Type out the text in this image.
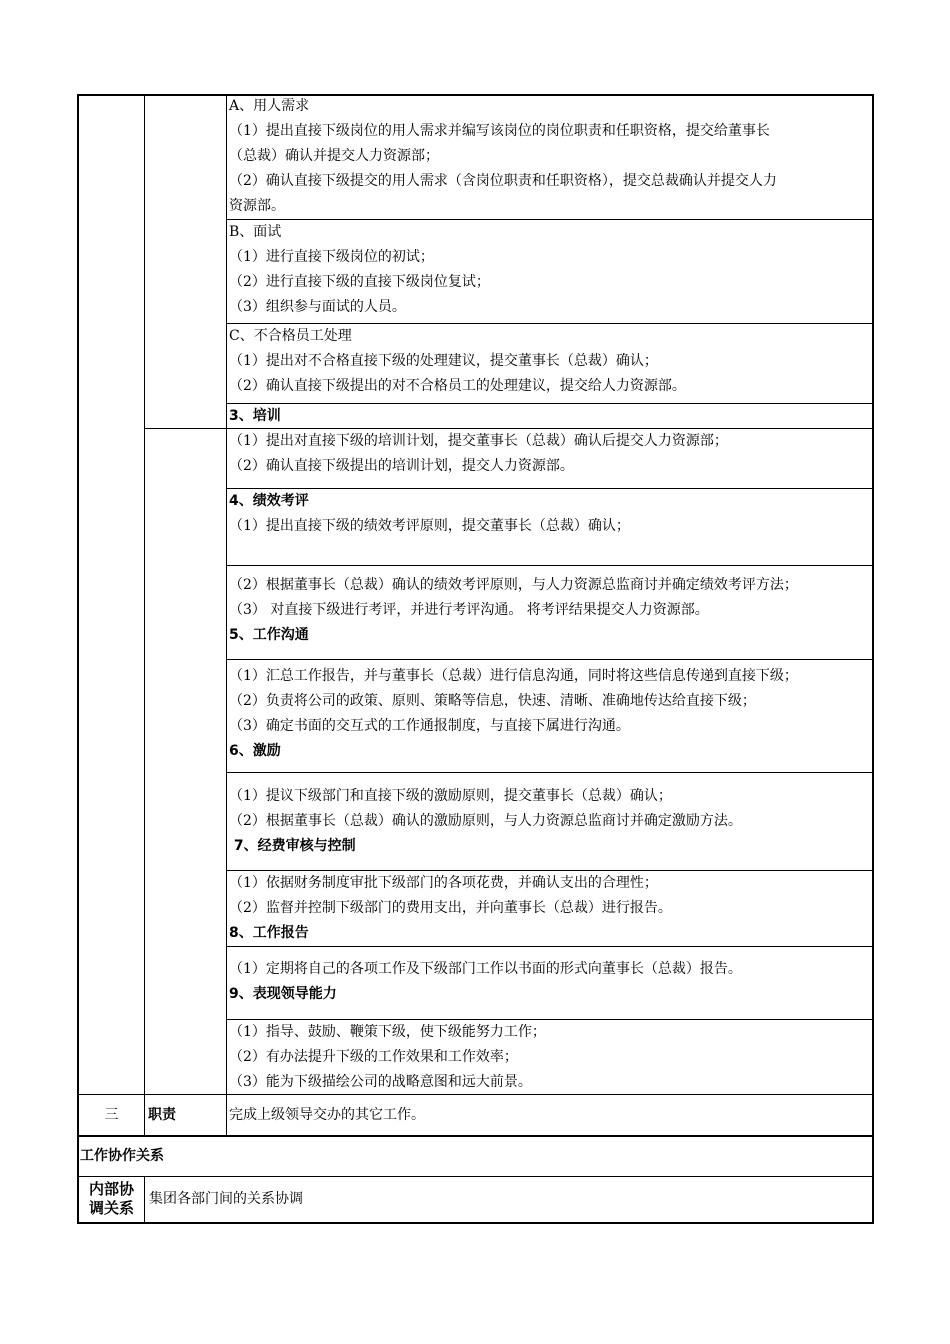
A、用人需求
（1）提出直接下级岗位的用人需求并编写该岗位的岗位职责和任职资格，提交给董事长
（总裁）确认并提交人力资源部；
（2）确认直接下级提交的用人需求（含岗位职责和任职资格），提交总裁确认并提交人力
资源部。
B、面试
（1）进行直接下级岗位的初试；
（2）进行直接下级的直接下级岗位复试；
（3）组织参与面试的人员。
C、不合格员工处理
（1）提出对不合格直接下级的处理建议，提交董事长（总裁）确认；
（2）确认直接下级提出的对不合格员工的处理建议，提交给人力资源部。
3、培训
（1）提出对直接下级的培训计划，提交董事长（总裁）确认后提交人力资源部；
（2）确认直接下级提出的培训计划，提交人力资源部。
4、绩效考评
（1）提出直接下级的绩效考评原则，提交董事长（总裁）确认；
（2）根据董事长（总裁）确认的绩效考评原则，与人力资源总监商讨并确定绩效考评方法；
（3） 对直接下级进行考评，并进行考评沟通。 将考评结果提交人力资源部。
5、工作沟通
（1）汇总工作报告，并与董事长（总裁）进行信息沟通，同时将这些信息传递到直接下级；
（2）负责将公司的政策、原则、策略等信息，快速、清晰、准确地传达给直接下级；
（3）确定书面的交互式的工作通报制度，与直接下属进行沟通。
6、激励
（1）提议下级部门和直接下级的激励原则，提交董事长（总裁）确认；
（2）根据董事长（总裁）确认的激励原则，与人力资源总监商讨并确定激励方法。
7、经费审核与控制
（1）依据财务制度审批下级部门的各项花费，并确认支出的合理性；
（2）监督并控制下级部门的费用支出，并向董事长（总裁）进行报告。
8、工作报告
（1）定期将自己的各项工作及下级部门工作以书面的形式向董事长（总裁）报告。
9、表现领导能力
（1）指导、鼓励、鞭策下级，使下级能努力工作；
（2）有办法提升下级的工作效果和工作效率；
（3）能为下级描绘公司的战略意图和远大前景。
三	职责	完成上级领导交办的其它工作。
工作协作关系
内部协
调关系	集团各部门间的关系协调
